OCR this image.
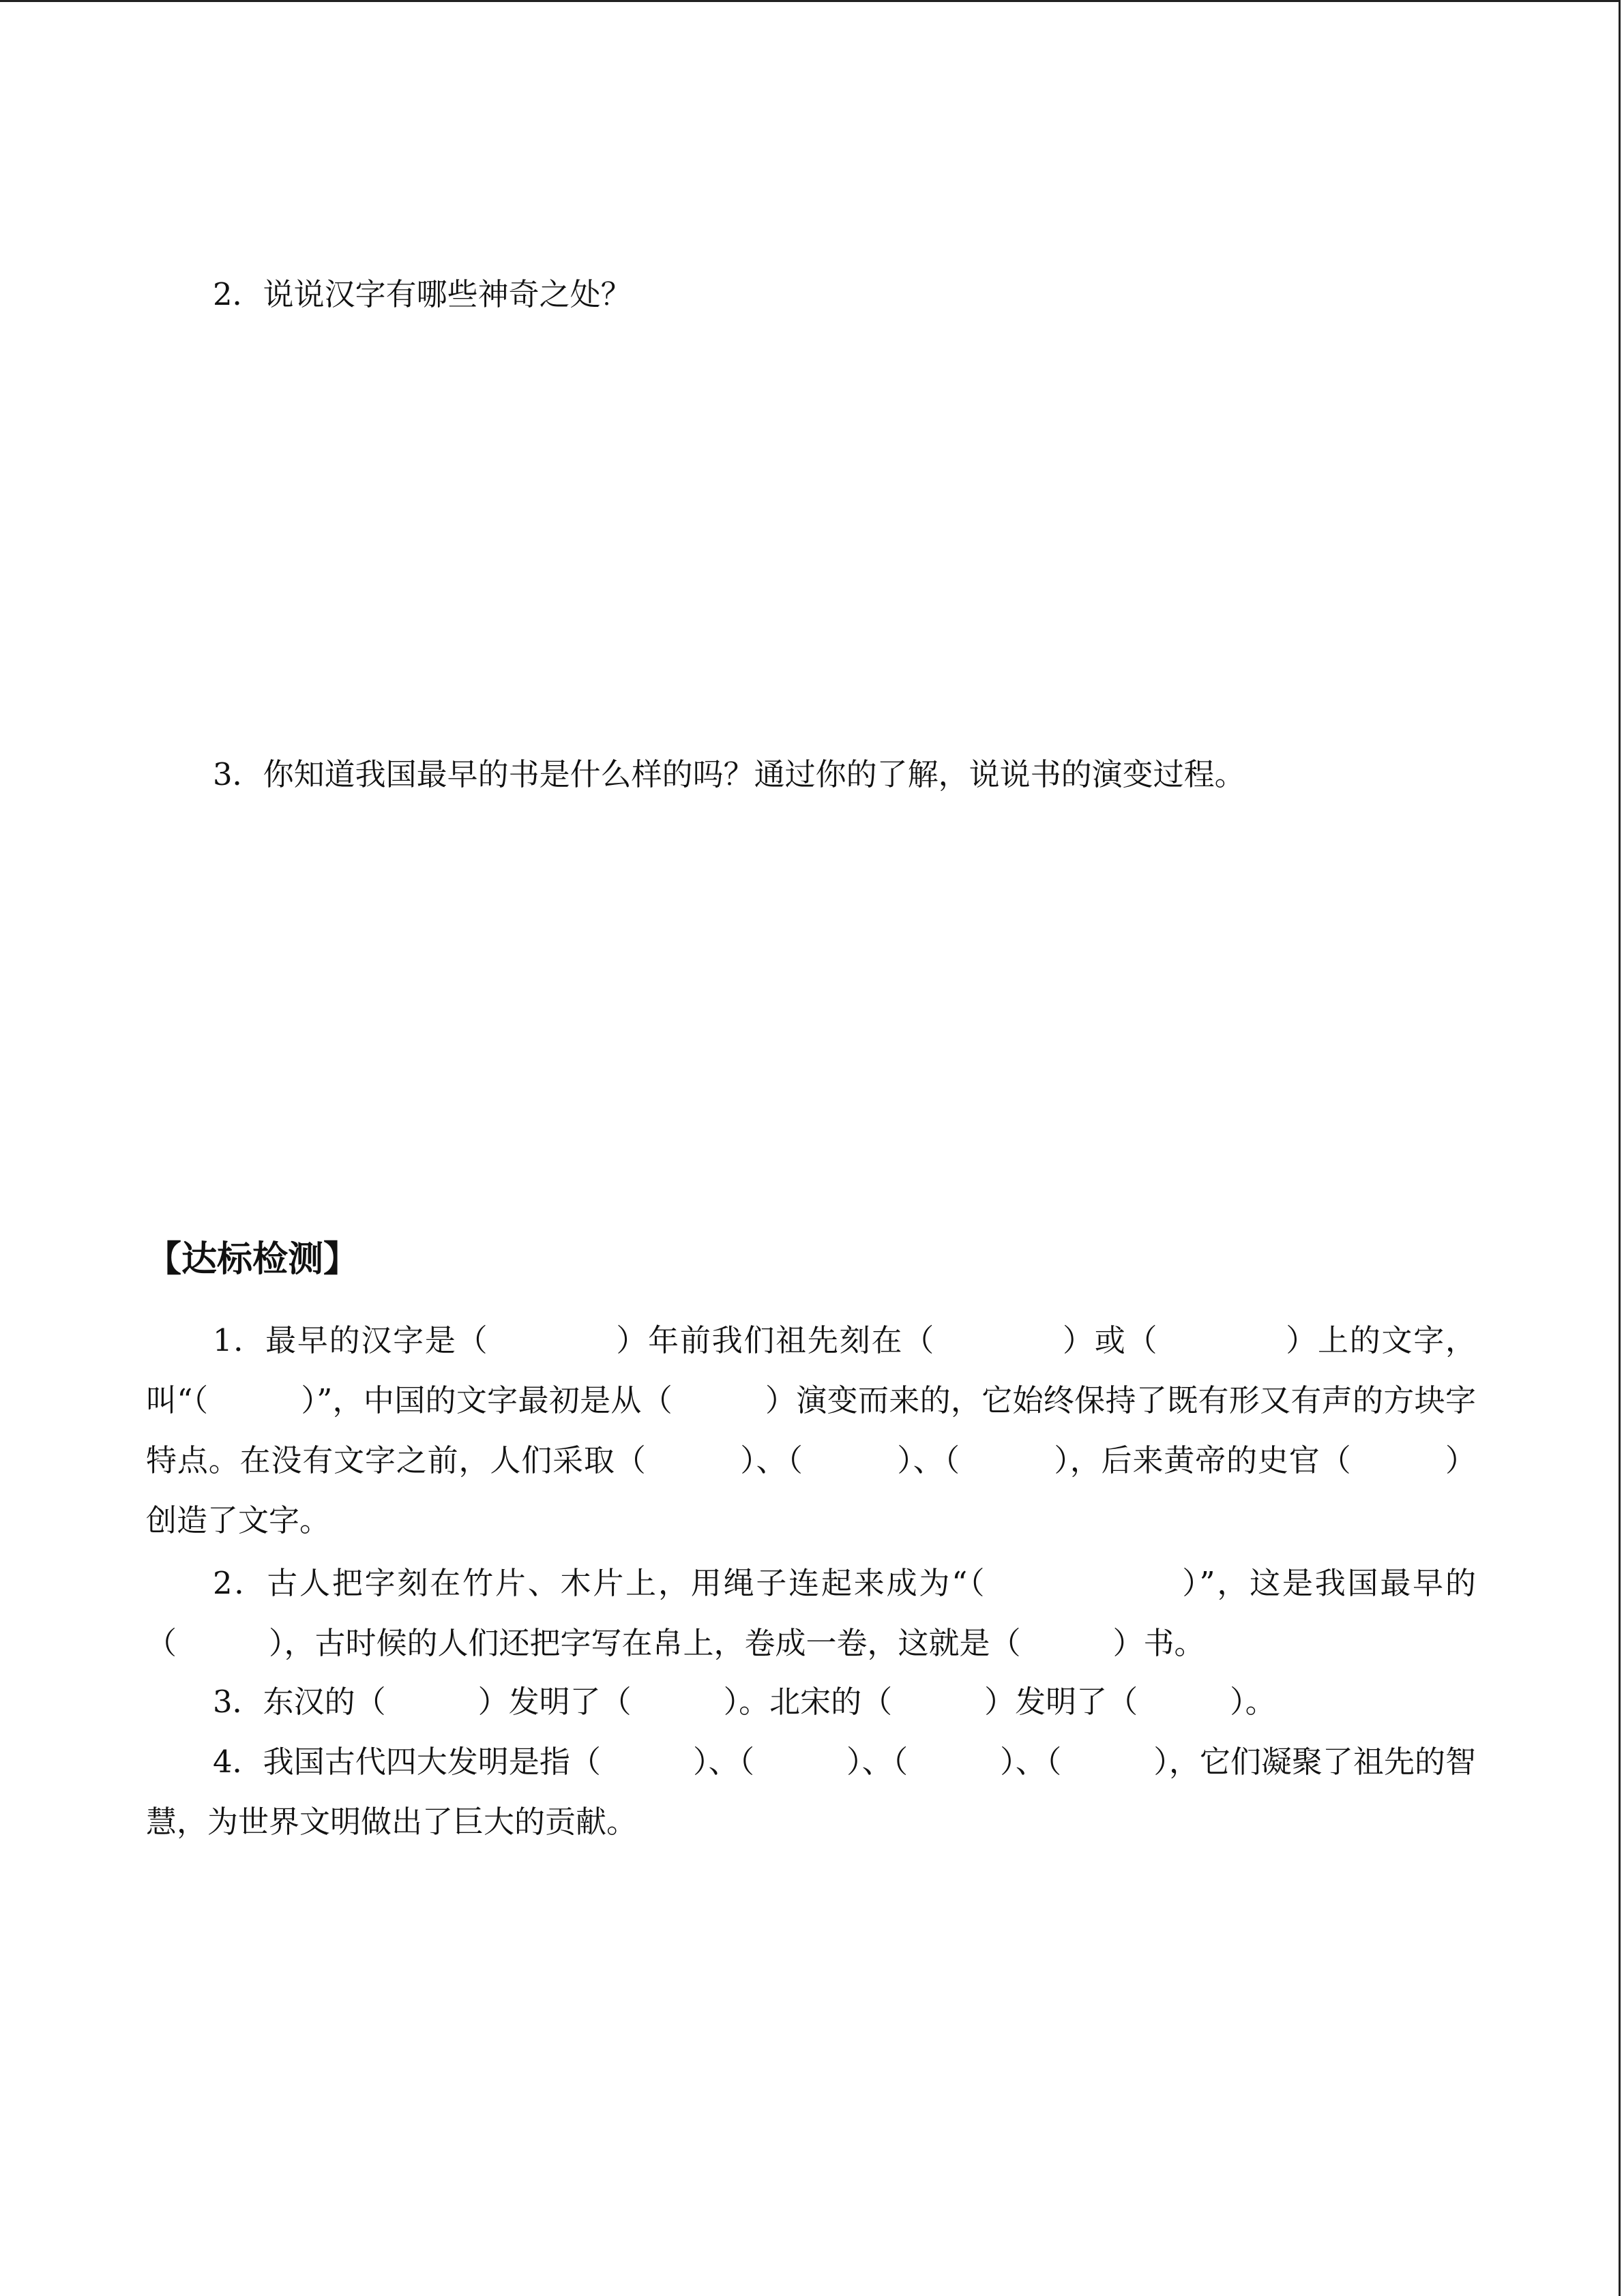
2．说说汉字有哪些神奇之处？
3．你知道我国最早的书是什么样的吗？通过你的了解，说说书的演变过程。
【达标检测】
1．最早的汉字是（　　　　）年前我们祖先刻在（　　　　）或（　　　　）上的文字，叫“（　　　）”，中国的文字最初是从（　　　）演变而来的，它始终保持了既有形又有声的方块字特点。在没有文字之前，人们采取（　　　）、（　　　）、（　　　），后来黄帝的史官（　　　）创造了文字。
2．古人把字刻在竹片、木片上，用绳子连起来成为“（　　　　　　）”，这是我国最早的（　　　），古时候的人们还把字写在帛上，卷成一卷，这就是（　　　）书。
3．东汉的（　　　）发明了（　　　）。北宋的（　　　）发明了（　　　）。
4．我国古代四大发明是指（　　　）、（　　　）、（　　　）、（　　　），它们凝聚了祖先的智慧，为世界文明做出了巨大的贡献。
